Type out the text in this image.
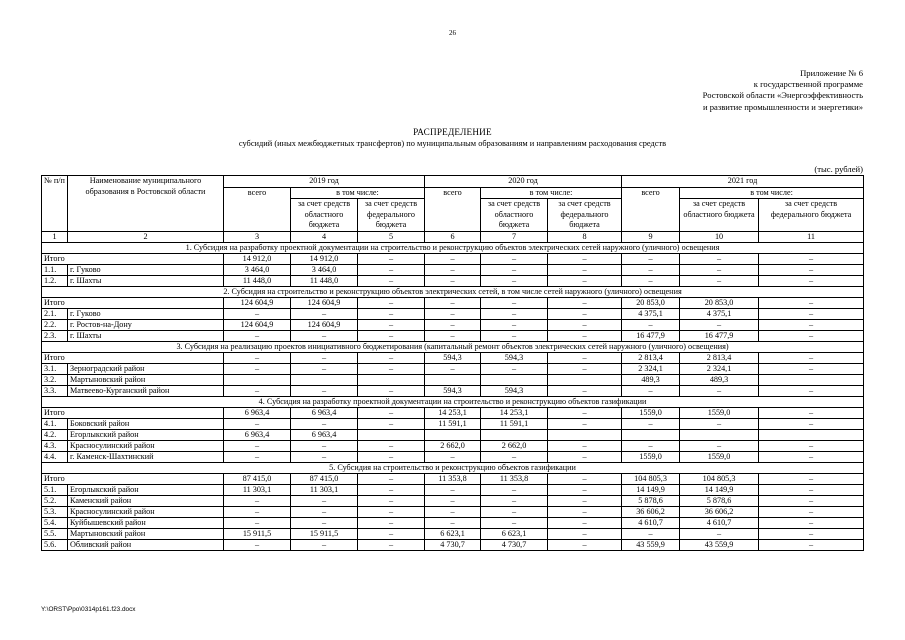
26
Приложение № 6
к государственной программе
Ростовской области «Энергоэффективность
и развитие промышленности и энергетики»
РАСПРЕДЕЛЕНИЕ
субсидий (иных межбюджетных трансфертов) по муниципальным образованиям и направлениям расходования средств
(тыс. рублей)
№ п/п	Наименование муниципального образования в Ростовской области	2019 год			2020 год			2021 год		
		всего	в том числе:		всего	в том числе:		всего	в том числе:	
			за счет средств областного бюджета	за счет средств федерального бюджета		за счет средств областного бюджета	за счет средств федерального бюджета		за счет средств областного бюджета	за счет средств федерального бюджета
1	2	3	4	5	6	7	8	9	10	11
1. Субсидия на разработку проектной документации на строительство и реконструкцию объектов электрических сетей наружного (уличного) освещения										
Итого		14 912,0	14 912,0	–	–	–	–	–	–	–
1.1.	г. Гуково	3 464,0	3 464,0	–	–	–	–	–	–	–
1.2.	г. Шахты	11 448,0	11 448,0	–	–	–	–	–	–	–
2. Субсидия на строительство и реконструкцию объектов электрических сетей, в том числе сетей наружного (уличного) освещения										
Итого		124 604,9	124 604,9	–	–	–	–	20 853,0	20 853,0	–
2.1.	г. Гуково	–	–	–	–	–	–	4 375,1	4 375,1	–
2.2.	г. Ростов-на-Дону	124 604,9	124 604,9	–	–	–	–	–	–	–
2.3.	г. Шахты	–	–	–	–	–	–	16 477,9	16 477,9	–
3. Субсидия на реализацию проектов инициативного бюджетирования (капитальный ремонт объектов электрических сетей наружного (уличного) освещения)										
Итого		–	–	–	594,3	594,3	–	2 813,4	2 813,4	–
3.1.	Зерноградский район	–	–	–	–	–	–	2 324,1	2 324,1	–
3.2.	Мартыновский район							489,3	489,3	
3.3.	Матвеево-Курганский район	–	–	–	594,3	594,3	–	–	–	–
4. Субсидия на разработку проектной документации на строительство и реконструкцию объектов газификации										
Итого		6 963,4	6 963,4	–	14 253,1	14 253,1	–	1559,0	1559,0	–
4.1.	Боковский район	–	–	–	11 591,1	11 591,1	–	–	–	–
4.2.	Егорлыкский район	6 963,4	6 963,4							
4.3.	Красносулинский район	–	–	–	2 662,0	2 662,0	–	–	–	–
4.4.	г. Каменск-Шахтинский	–	–	–	–	–	–	1559,0	1559,0	–
5. Субсидия на строительство и реконструкцию объектов газификации										
Итого		87 415,0	87 415,0	–	11 353,8	11 353,8	–	104 805,3	104 805,3	–
5.1.	Егорлыкский район	11 303,1	11 303,1	–	–	–	–	14 149,9	14 149,9	–
5.2.	Каменский район	–	–	–	–	–	–	5 878,6	5 878,6	–
5.3.	Красносулинский район	–	–	–	–	–	–	36 606,2	36 606,2	–
5.4.	Куйбышевский район	–	–	–	–	–	–	4 610,7	4 610,7	–
5.5.	Мартыновский район	15 911,5	15 911,5	–	6 623,1	6 623,1	–	–	–	–
5.6.	Обливский район	–	–	–	4 730,7	4 730,7	–	43 559,9	43 559,9	–
Y:\ORST\Ppo\0314p161.f23.docx
